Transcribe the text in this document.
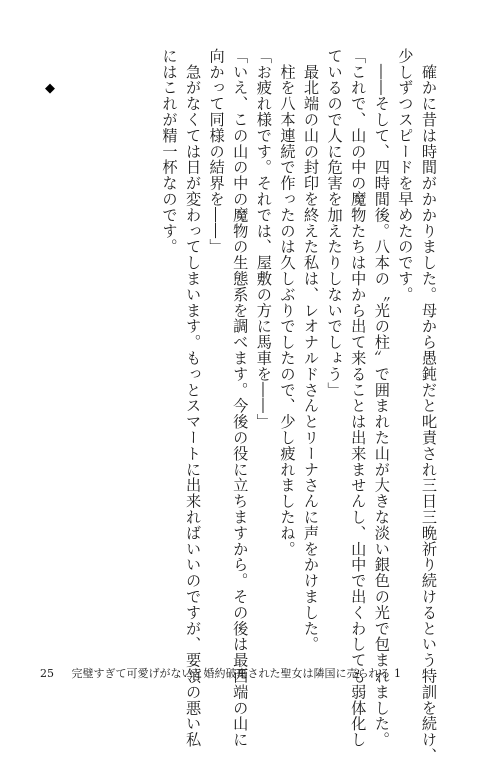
◆	　確かに昔は時間がかかりました。母から愚鈍だと叱責され三日三晩祈り続けるという特訓を続け、

少しずつスピードを早めたのです。

　――そして、四時間後。八本の〝光の柱〟で囲まれた山が大きな淡い銀色の光で包まれました。

「これで、山の中の魔物たちは中から出て来ることは出来ませんし、山中で出くわしても弱体化し

ているので人に危害を加えたりしないでしょう」

　最北端の山の封印を終えた私は、レオナルドさんとリーナさんに声をかけました。

　柱を八本連続で作ったのは久しぶりでしたので、少し疲れましたね。

「お疲れ様です。それでは、屋敷の方に馬車を――」

「いえ、この山の中の魔物の生態系を調べます。今後の役に立ちますから。その後は最西端の山に

向かって同様の結界を――」

　急がなくては日が変わってしまいます。もっとスマートに出来ればいいのですが、要領の悪い私

にはこれが精一杯なのです。

25 完璧すぎて可愛げがないと婚約破棄された聖女は隣国に売られる 1
